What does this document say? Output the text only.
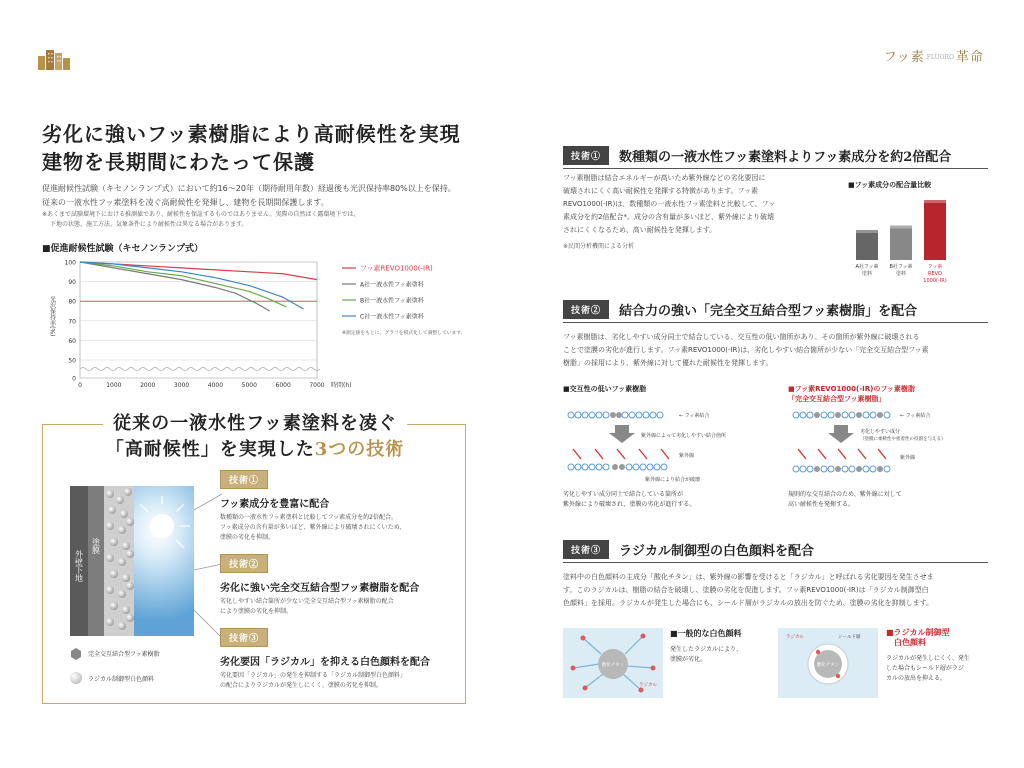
フッ素 FLUORO 革命
劣化に強いフッ素樹脂により高耐候性を実現
建物を長期間にわたって保護
促進耐候性試験（キセノンランプ式）において約16〜20年（期待耐用年数）経過後も光沢保持率80%以上を保持。
従来の一液水性フッ素塗料を凌ぐ高耐候性を発揮し、建物を長期間保護します。
※あくまで試験環境下における推測値であり、耐候性を保証するものではありません。実際の自然ばく露環境下では、
下地の状態、施工方法、気象条件により耐候性は異なる場合があります。
■促進耐候性試験（キセノンランプ式）
0
50
60
70
80
90
100
0	1000	2000	3000	4000	5000	6000	7000 時間(h)
光沢保持率(%)
フッ素REVO1000(-IR)
A社一液水性フッ素塗料
B社一液水性フッ素塗料
C社一液水性フッ素塗料
※測定値をもとに、グラフを模式化して調整しています。
従来の一液水性フッ素塗料を凌ぐ
「高耐候性」を実現した3つの技術
外壁下地
塗膜
完全交互結合型フッ素樹脂
ラジカル制御型白色顔料
技術①
フッ素成分を豊富に配合
数種類の一液水性フッ素塗料と比較してフッ素成分を約2倍配合。
フッ素成分の含有量が多いほど、紫外線により破壊されにくいため、
塗膜の劣化を抑制。
技術②
劣化に強い完全交互結合型フッ素樹脂を配合
劣化しやすい結合箇所が少ない完全交互結合型フッ素樹脂の配合
により塗膜の劣化を抑制。
技術③
劣化要因「ラジカル」を抑える白色顔料を配合
劣化要因「ラジカル」の発生を抑制する「ラジカル制御型白色顔料」
の配合によりラジカルが発生しにくく、塗膜の劣化を抑制。
技術①	数種類の一液水性フッ素塗料よりフッ素成分を約2倍配合

フッ素樹脂は結合エネルギーが高いため紫外線などの劣化要因に

破壊されにくく高い耐候性を発揮する特徴があります。フッ素

REVO1000(-IR)は、数種類の一液水性フッ素塗料と比較して、フッ

素成分を約2倍配合*。成分の含有量が多いほど、紫外線により破壊

されにくくなるため、高い耐候性を発揮します。

※民間分析機関による分析
■フッ素成分の配合量比較
A社フッ素
塗料
B社フッ素
塗料
フッ素
REVO
1000(-IR)
技術②	結合力の強い「完全交互結合型フッ素樹脂」を配合

フッ素樹脂は、劣化しやすい成分同士で結合している、交互性の低い箇所があり、その箇所が紫外線に破壊される

ことで塗膜の劣化が進行します。フッ素REVO1000(-IR)は、劣化しやすい結合箇所が少ない「完全交互結合型フッ素

樹脂」の採用により、紫外線に対して優れた耐候性を発揮します。

■交互性の低いフッ素樹脂	■フッ素REVO1000(-IR)のフッ素樹脂
「完全交互結合型フッ素樹脂」
← フッ素結合
紫外線によって劣化しやすい結合箇所
紫外線
紫外線により結合が破壊
劣化しやすい成分同士で結合している箇所が
紫外線により破壊され、塗膜の劣化が進行する。
← フッ素結合
劣化しやすい成分
（塗膜に柔軟性や密着性の役割を与える）
紫外線
規則的な交互結合のため、紫外線に対して
高い耐候性を発揮する。
技術③	ラジカル制御型の白色顔料を配合

塗料中の白色顔料の主成分「酸化チタン」は、紫外線の影響を受けると「ラジカル」と呼ばれる劣化要因を発生させま

す。このラジカルは、樹脂の結合を破壊し、塗膜の劣化を促進します。フッ素REVO1000(-IR)は「ラジカル制御型白

色顔料」を採用。ラジカルが発生した場合にも、シールド層がラジカルの放出を防ぐため、塗膜の劣化を抑制します。

酸化チタン
ラジカル
■一般的な白色顔料
発生したラジカルにより、
塗膜が劣化。
酸化チタン
ラジカル	シールド層
■ラジカル制御型
白色顔料
ラジカルが発生しにくく、発生
した場合もシールド層がラジ
カルの放出を抑える。
